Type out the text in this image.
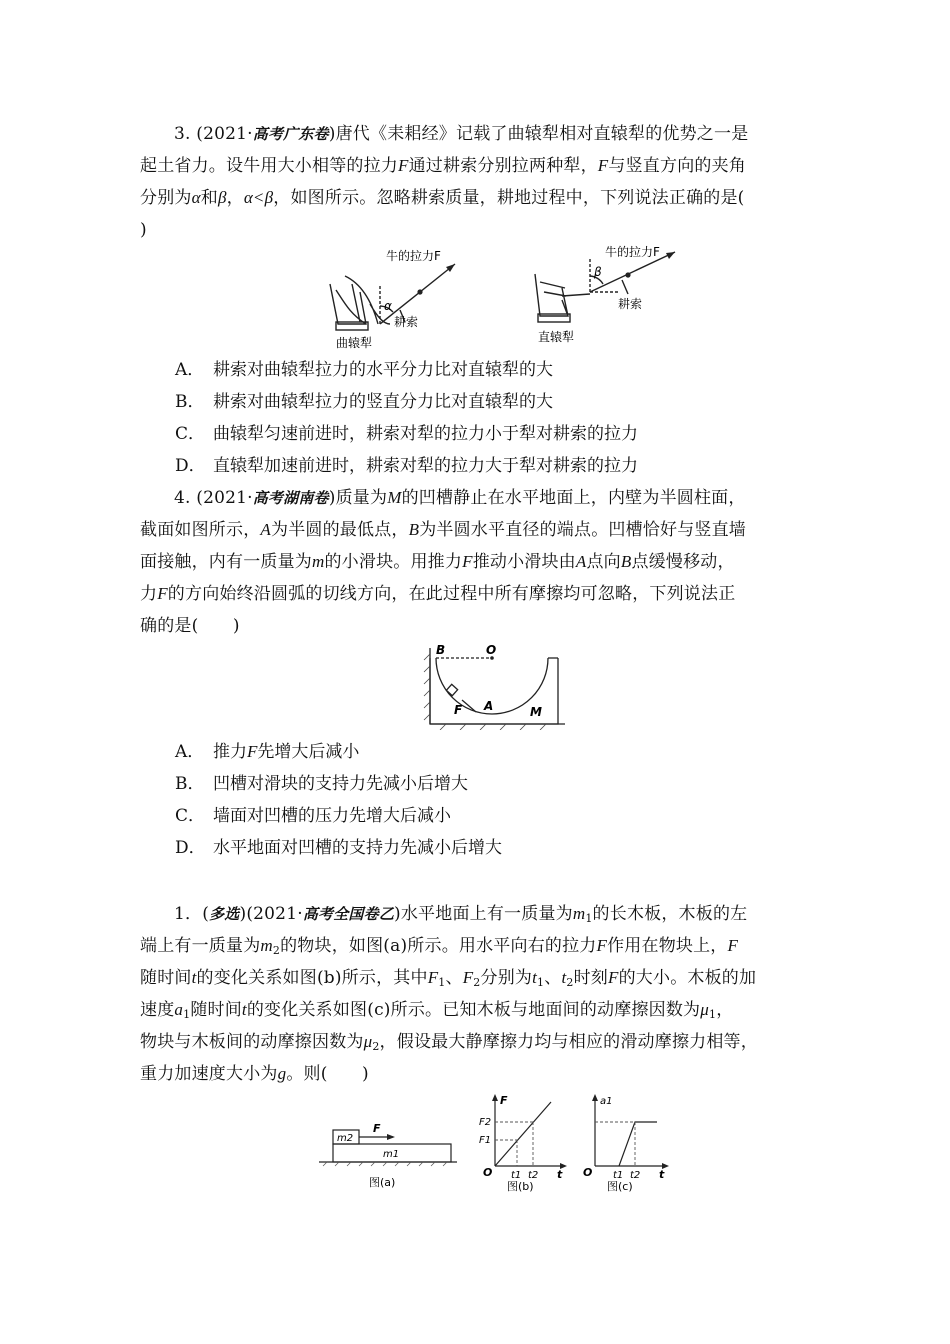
3. (2021·高考广东卷)唐代《耒耜经》记载了曲辕犁相对直辕犁的优势之一是
起土省力。设牛用大小相等的拉力F通过耕索分别拉两种犁，F与竖直方向的夹角
分别为α和β，α<β，如图所示。忽略耕索质量，耕地过程中，下列说法正确的是(
)
牛的拉力F
α
耕索
曲辕犁
牛的拉力F
β
耕索
直辕犁
A． 耕索对曲辕犁拉力的水平分力比对直辕犁的大
B． 耕索对曲辕犁拉力的竖直分力比对直辕犁的大
C． 曲辕犁匀速前进时，耕索对犁的拉力小于犁对耕索的拉力
D． 直辕犁加速前进时，耕索对犁的拉力大于犁对耕索的拉力
4. (2021·高考湖南卷)质量为M的凹槽静止在水平地面上，内壁为半圆柱面，
截面如图所示，A为半圆的最低点，B为半圆水平直径的端点。凹槽恰好与竖直墙
面接触，内有一质量为m的小滑块。用推力F推动小滑块由A点向B点缓慢移动，
力F的方向始终沿圆弧的切线方向，在此过程中所有摩擦均可忽略，下列说法正
确的是(　　)
B	O
F A	M
A． 推力F先增大后减小
B． 凹槽对滑块的支持力先减小后增大
C． 墙面对凹槽的压力先增大后减小
D． 水平地面对凹槽的支持力先减小后增大
1．(多选)(2021·高考全国卷乙)水平地面上有一质量为$m_1$的长木板，木板的左
端上有一质量为$m_2$的物块，如图(a)所示。用水平向右的拉力F作用在物块上，F
随时间t的变化关系如图(b)所示，其中$F_1$、$F_2$分别为$t_1$、$t_2$时刻F的大小。木板的加
速度$a_1$随时间t的变化关系如图(c)所示。已知木板与地面间的动摩擦因数为$\mu_1$，
物块与木板间的动摩擦因数为$\mu_2$，假设最大静摩擦力均与相应的滑动摩擦力相等，
重力加速度大小为g。则(　　)
m2
m1
F
图(a)
F
F2
F1
O t1 t2 t
图(b)
a1
O t1 t2 t
图(c)
